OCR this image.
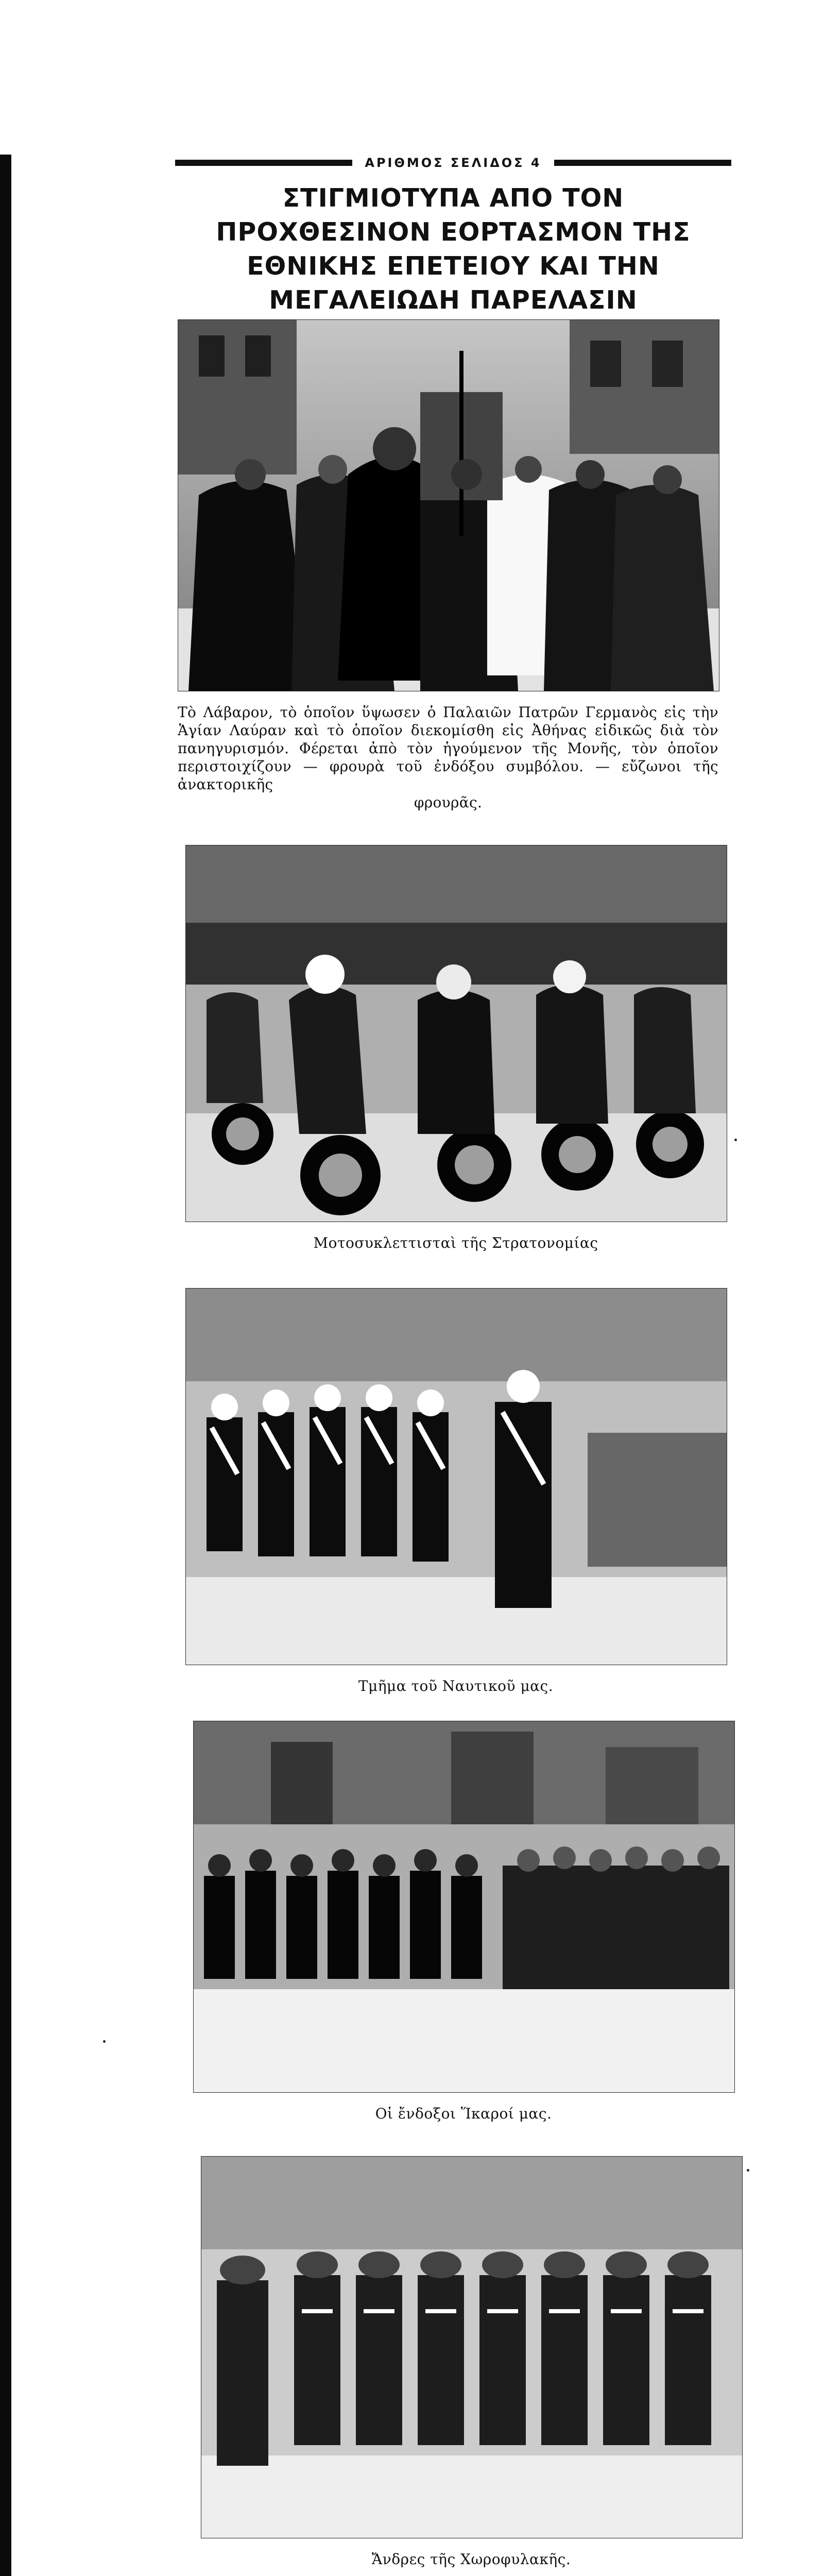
ΑΡΙΘΜΟΣ ΣΕΛΙΔΟΣ 4
ΣΤΙΓΜΙΟΤΥΠΑ ΑΠΟ ΤΟΝ ΠΡΟΧΘΕΣΙΝΟΝ ΕΟΡΤΑΣΜΟΝ ΤΗΣ ΕΘΝΙΚΗΣ ΕΠΕΤΕΙΟΥ ΚΑΙ ΤΗΝ ΜΕΓΑΛΕΙΩΔΗ ΠΑΡΕΛΑΣΙΝ
Τὸ Λάβαρον, τὸ ὁποῖον ὕψωσεν ὁ Παλαιῶν Πατρῶν Γερμανὸς εἰς τὴν Ἁγίαν Λαύραν καὶ τὸ ὁποῖον διεκομίσθη εἰς Ἀθήνας εἰδικῶς διὰ τὸν πανηγυρισμόν. Φέρεται ἀπὸ τὸν ἡγούμενον τῆς Μονῆς, τὸν ὁποῖον περιστοιχίζουν — φρουρὰ τοῦ ἐνδόξου συμβόλου. — εὔζωνοι τῆς ἀνακτορικῆς
φρουρᾶς.
Μοτοσυκλεττισταὶ τῆς Στρατονομίας
Τμῆμα τοῦ Ναυτικοῦ μας.
Οἱ ἔνδοξοι Ἵκαροί μας.
Ἄνδρες τῆς Χωροφυλακῆς.
